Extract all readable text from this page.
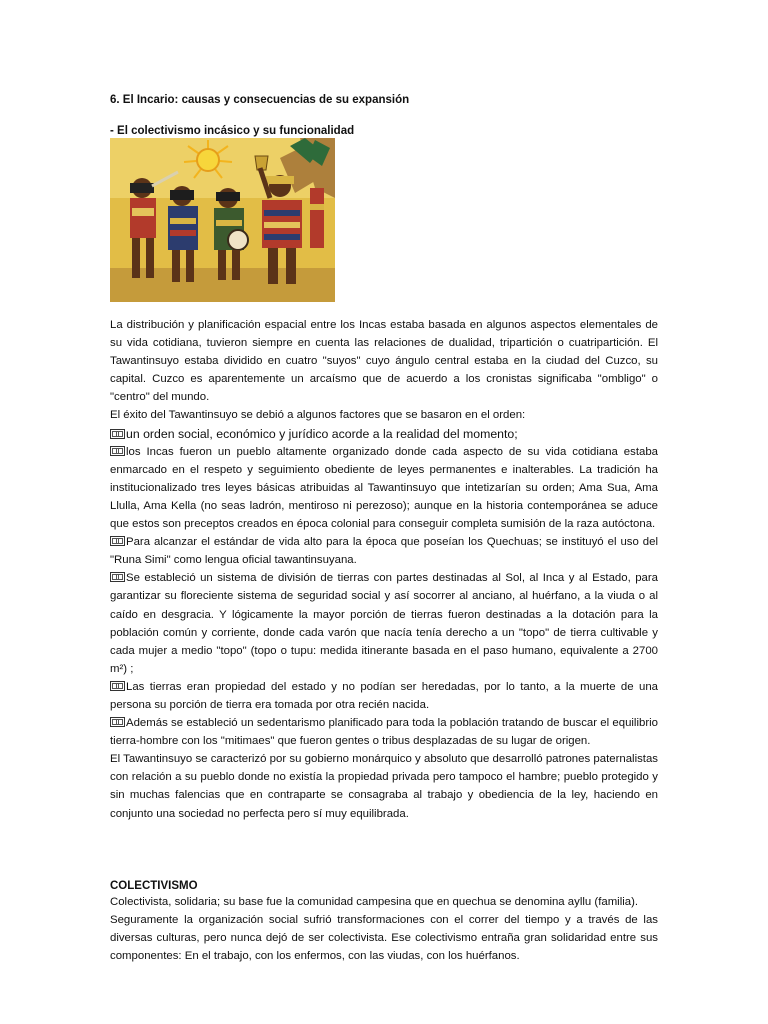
6. El Incario: causas y consecuencias de su expansión
- El colectivismo incásico y su funcionalidad

La distribución y planificación espacial entre los Incas estaba basada en algunos aspectos elementales de su vida cotidiana, tuvieron siempre en cuenta las relaciones de dualidad, tripartición o cuatripartición. El Tawantinsuyo estaba dividido en cuatro "suyos" cuyo ángulo central estaba en la ciudad del Cuzco, su capital. Cuzco es aparentemente un arcaísmo que de acuerdo a los cronistas significaba "ombligo" o "centro" del mundo.

El éxito del Tawantinsuyo se debió a algunos factores que se basaron en el orden:

un orden social, económico y jurídico acorde a la realidad del momento;

los Incas fueron un pueblo altamente organizado donde cada aspecto de su vida cotidiana estaba enmarcado en el respeto y seguimiento obediente de leyes permanentes e inalterables. La tradición ha institucionalizado tres leyes básicas atribuidas al Tawantinsuyo que intetizarían su orden; Ama Sua, Ama Llulla, Ama Kella (no seas ladrón, mentiroso ni perezoso); aunque en la historia contemporánea se aduce que estos son preceptos creados en época colonial para conseguir completa sumisión de la raza autóctona.

Para alcanzar el estándar de vida alto para la época que poseían los Quechuas; se instituyó el uso del "Runa Simi" como lengua oficial tawantinsuyana.

Se estableció un sistema de división de tierras con partes destinadas al Sol, al Inca y al Estado, para garantizar su floreciente sistema de seguridad social y así socorrer al anciano, al huérfano, a la viuda o al caído en desgracia. Y lógicamente la mayor porción de tierras fueron destinadas a la dotación para la población común y corriente, donde cada varón que nacía tenía derecho a un "topo" de tierra cultivable y cada mujer a medio "topo" (topo o tupu: medida itinerante basada en el paso humano, equivalente a 2700 m²) ;

Las tierras eran propiedad del estado y no podían ser heredadas, por lo tanto, a la muerte de una persona su porción de tierra era tomada por otra recién nacida.

Además se estableció un sedentarismo planificado para toda la población tratando de buscar el equilibrio tierra-hombre con los "mitimaes" que fueron gentes o tribus desplazadas de su lugar de origen.

El Tawantinsuyo se caracterizó por su gobierno monárquico y absoluto que desarrolló patrones paternalistas con relación a su pueblo donde no existía la propiedad privada pero tampoco el hambre; pueblo protegido y sin muchas falencias que en contraparte se consagraba al trabajo y obediencia de la ley, haciendo en conjunto una sociedad no perfecta pero sí muy equilibrada.

COLECTIVISMO

Colectivista, solidaria; su base fue la comunidad campesina que en quechua se denomina ayllu (familia).

Seguramente la organización social sufrió transformaciones con el correr del tiempo y a través de las diversas culturas, pero nunca dejó de ser colectivista. Ese colectivismo entraña gran solidaridad entre sus componentes: En el trabajo, con los enfermos, con las viudas, con los huérfanos.
